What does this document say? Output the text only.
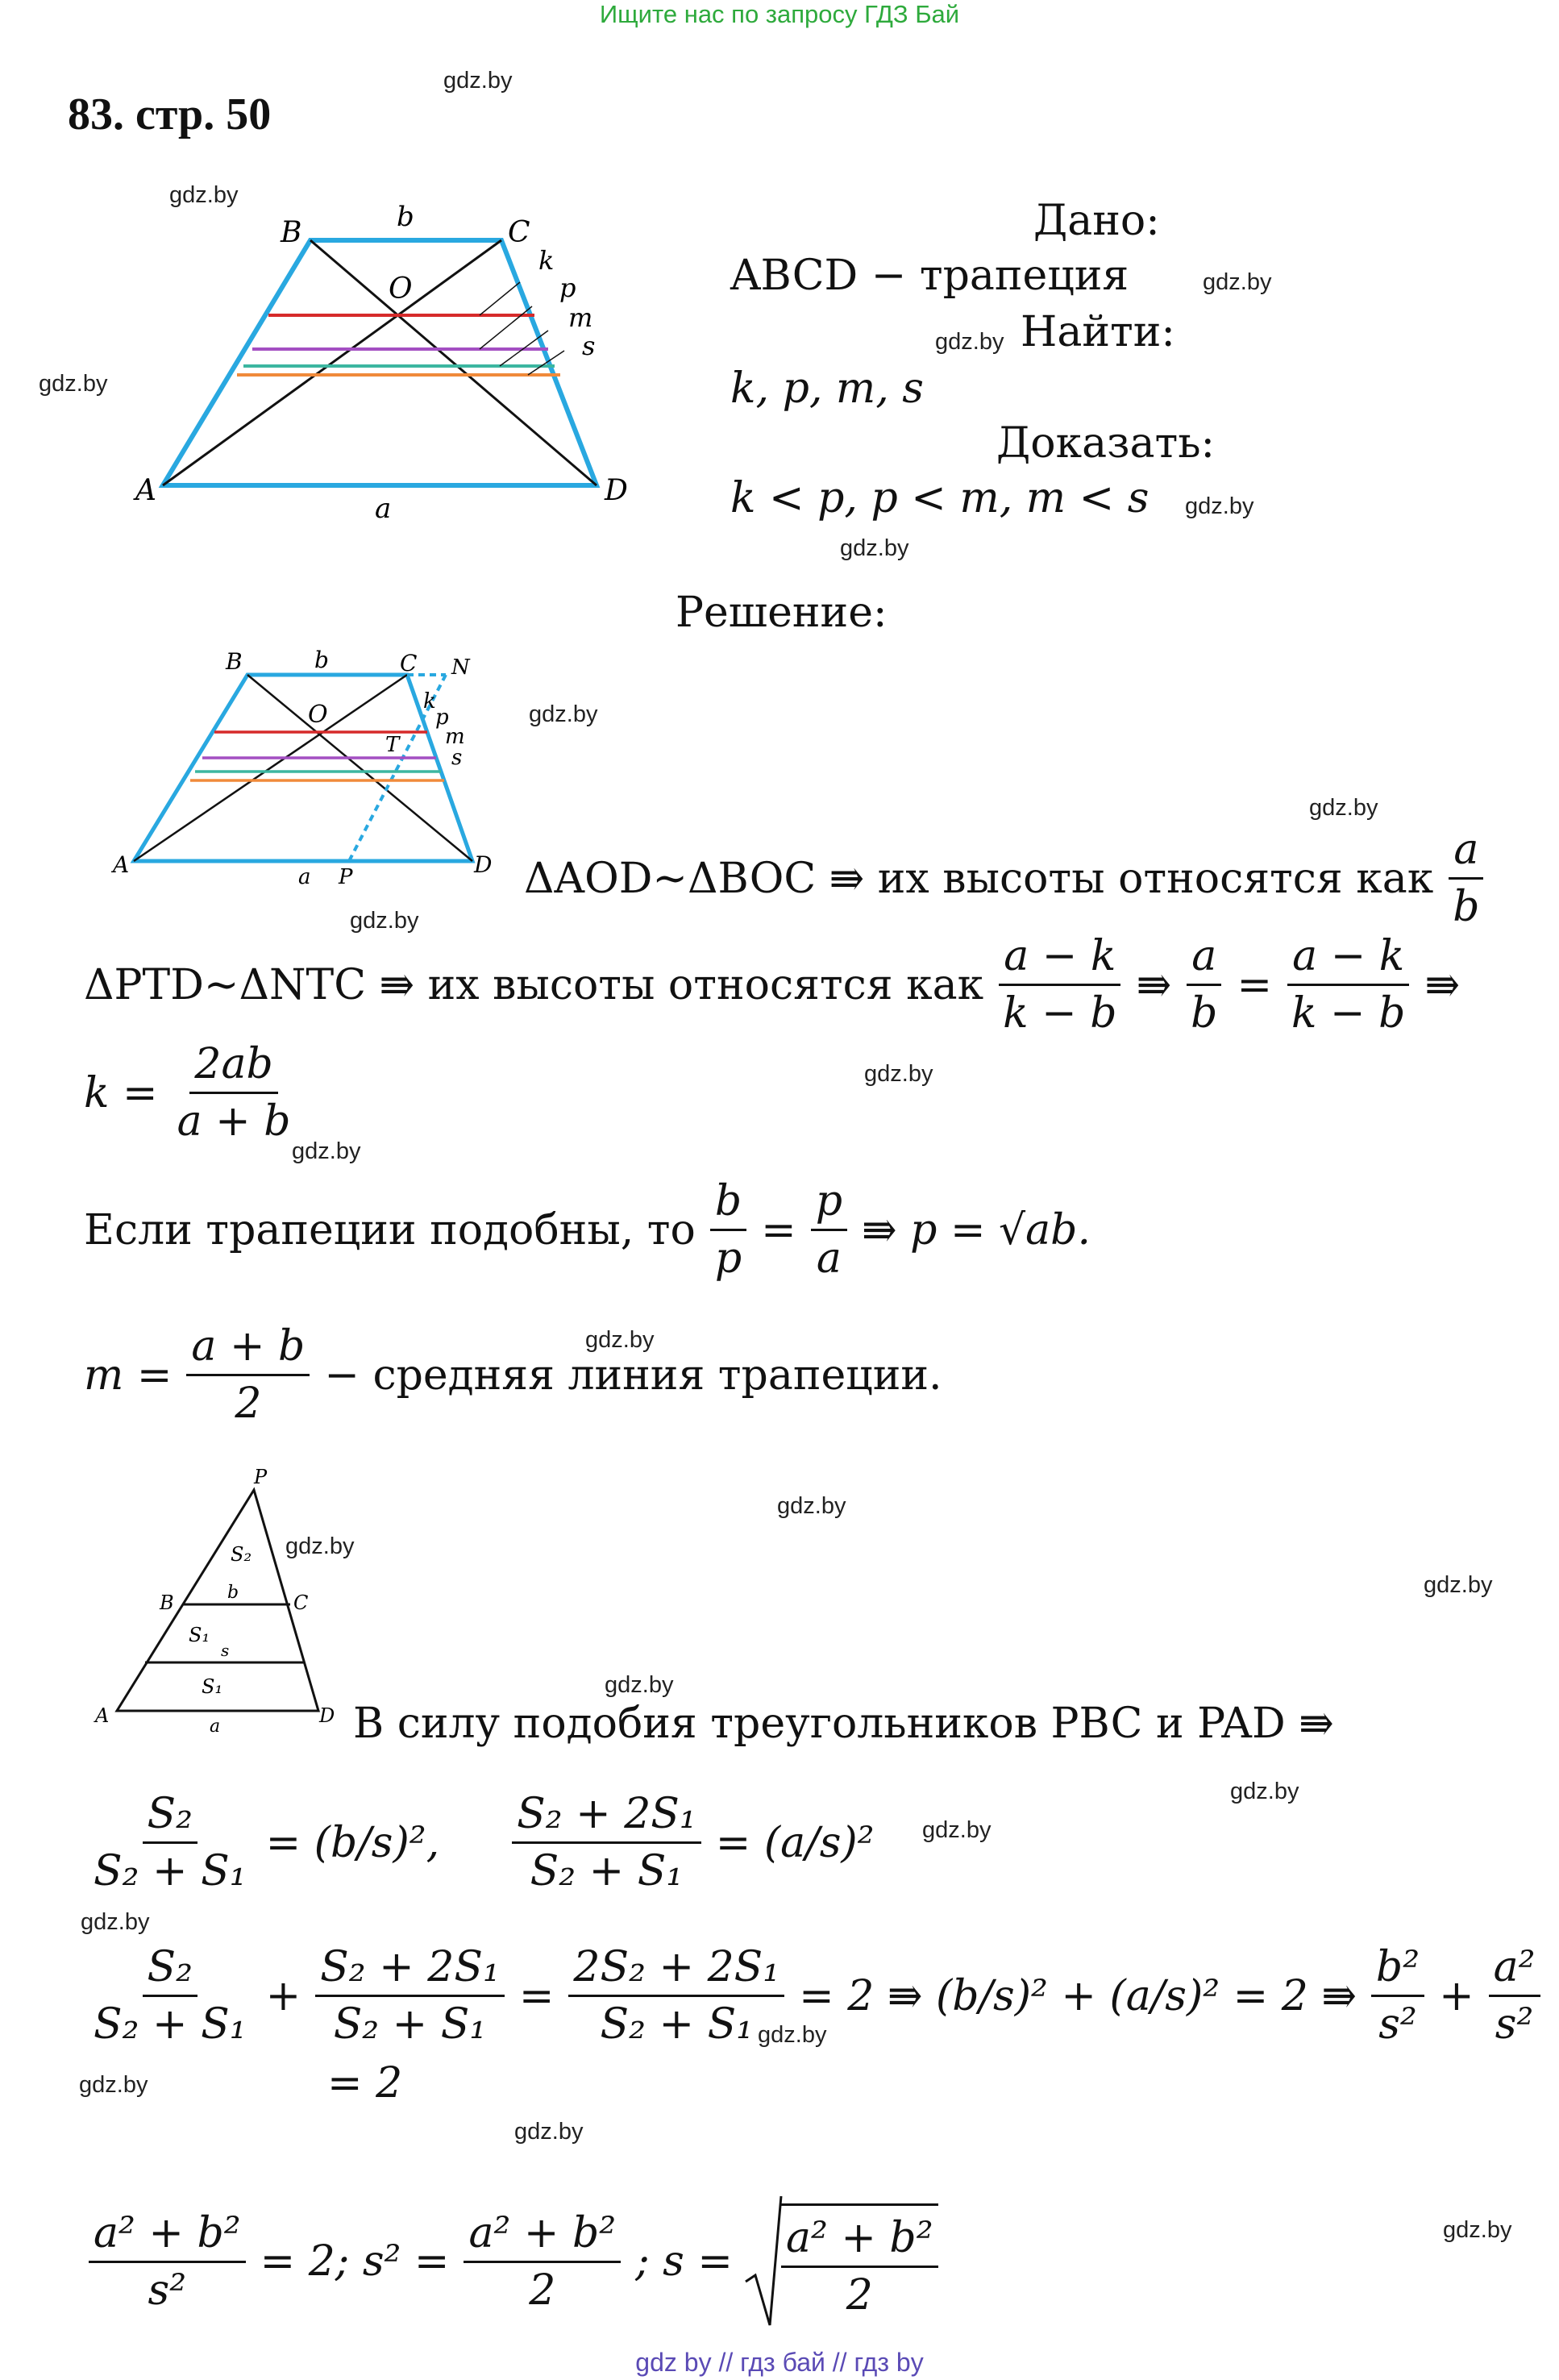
Ищите нас по запросу ГДЗ Бай
83. стр. 50
gdz.by
gdz.by
gdz.by
gdz.by
gdz.by
gdz.by
gdz.by
gdz.by
gdz.by
gdz.by
gdz.by
gdz.by
gdz.by
gdz.by
gdz.by
gdz.by
gdz.by
gdz.by
gdz.by
gdz.by
gdz.by
gdz.by
gdz.by
gdz.by
B	b	C
k
O	p
m
s
A
a
D
Дано:
ABCD − трапеция
Найти:
k, p, m, s
Доказать:
k < p, p < m, m < s
Решение:
B	b	C N
O	k
p
T m
s
A	a P	D ΔAOD~ΔBOC ⇛ их высоты относятся как $\frac{a}{b}$
ΔPTD~ΔNTC ⇛ их высоты относятся как $\frac{a - k}{k - b}$ ⇛ $\frac{a}{b} = \frac{a - k}{k - b}$ ⇛
$k = \frac{2ab}{a + b}$
Если трапеции подобны, то $\frac{b}{p} = \frac{p}{a}$ ⇛ p = √ab.
$m = \frac{a + b}{2}$ − средняя линия трапеции.
P
S₂
B	b	C
S₁
s
S₁
A	a	D В силу подобия треугольников PBC и PAD ⇛
$\frac{\text{S₂}}{\text{S₂ + S₁}} = (b/s)^2$, $\frac{\text{S₂ + 2S₁}}{\text{S₂ + S₁}} = (a/s)^2$
$\frac{\text{S₂}}{\text{S₂ + S₁}} + \frac{\text{S₂ + 2S₁}}{\text{S₂ + S₁}} = \frac{\text{2S₂ + 2S₁}}{\text{S₂ + S₁}} = 2$ ⇛ (b/s)² + (a/s)² = 2 ⇛ $\frac{\text{b²}}{\text{s²}} + \frac{\text{a²}}{\text{s²}}$
= 2
$\frac{\text{a² + b²}}{\text{s²}} = 2$; $s^2 = \frac{\text{a² + b²}}{2}$ ; $s = \frac{\text{a² + b²}}{2}$
gdz by // гдз бай // гдз by
